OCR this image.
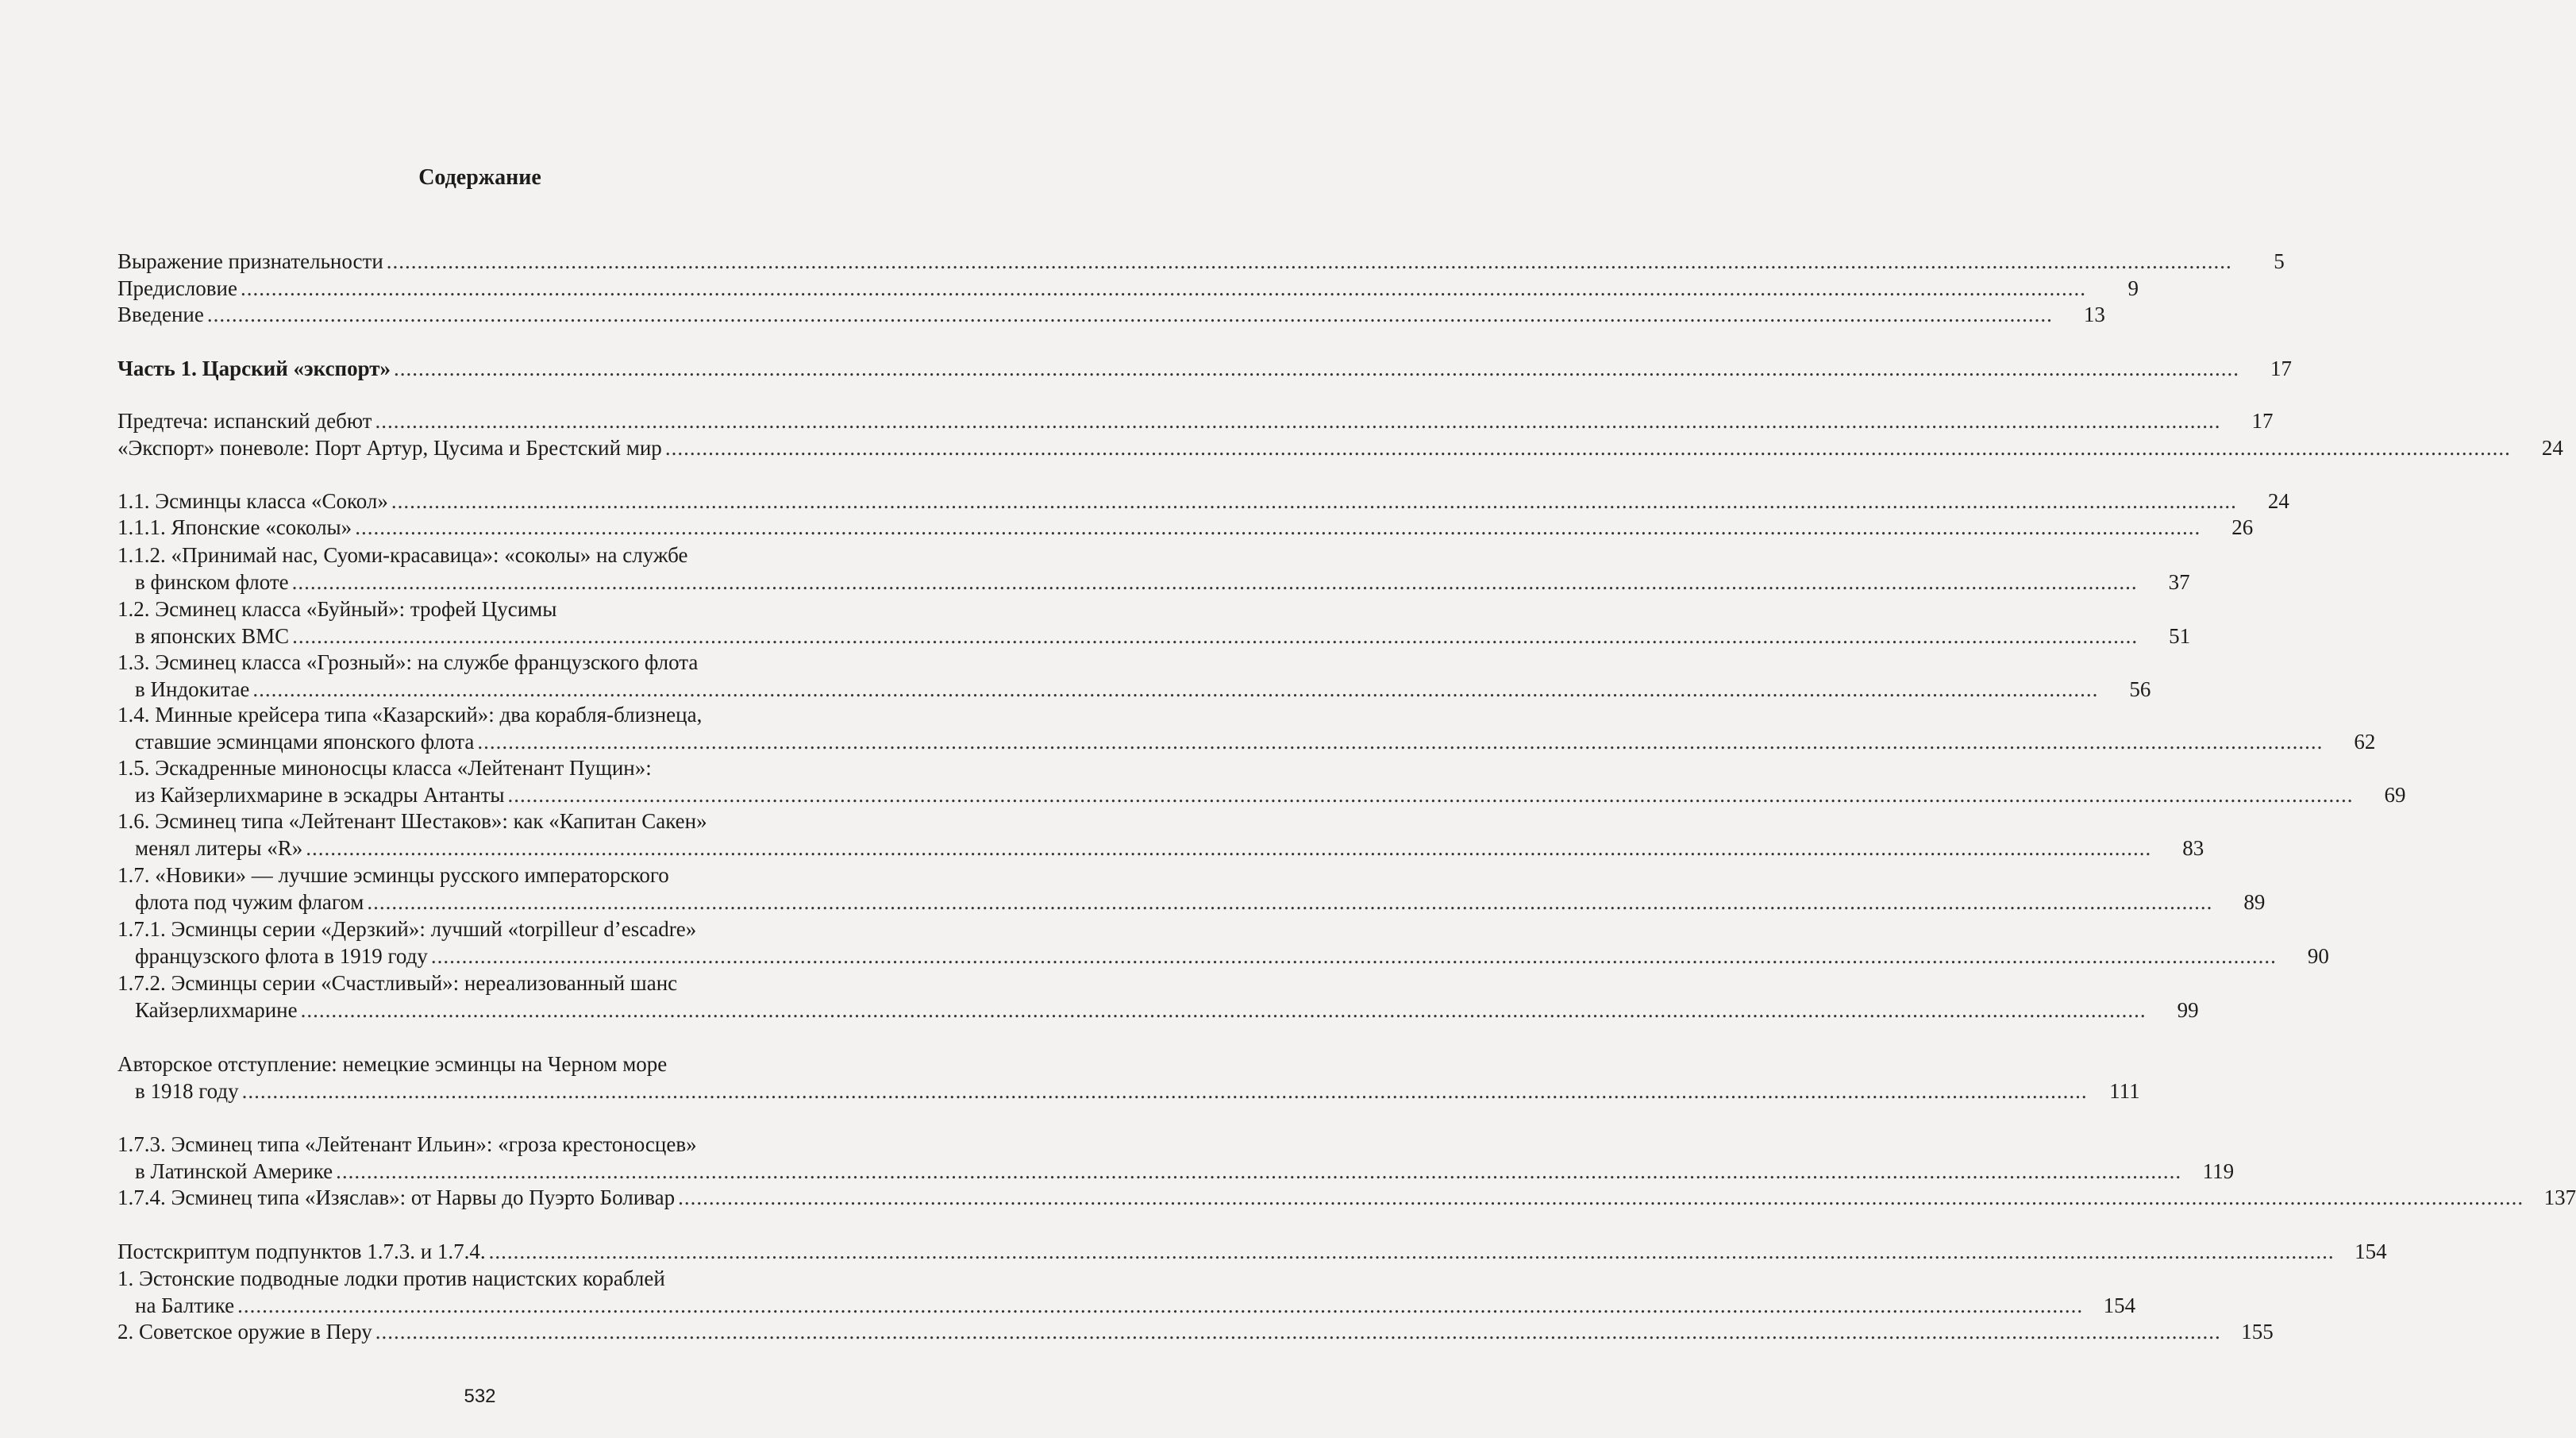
Содержание
Выражение признательности ............................................................................................................................................................................................................................................................................................................	5
Предисловие ............................................................................................................................................................................................................................................................................................................	9
Введение ............................................................................................................................................................................................................................................................................................................	13
Часть 1. Царский «экспорт» ............................................................................................................................................................................................................................................................................................................	17
Предтеча: испанский дебют ............................................................................................................................................................................................................................................................................................................	17
«Экспорт» поневоле: Порт Артур, Цусима и Брестский мир ............................................................................................................................................................................................................................................................................................................	24
1.1. Эсминцы класса «Сокол» ............................................................................................................................................................................................................................................................................................................	24
1.1.1. Японские «соколы» ............................................................................................................................................................................................................................................................................................................	26
1.1.2. «Принимай нас, Суоми-красавица»: «соколы» на службе
в финском флоте ............................................................................................................................................................................................................................................................................................................	37
1.2. Эсминец класса «Буйный»: трофей Цусимы
в японских ВМС ............................................................................................................................................................................................................................................................................................................	51
1.3. Эсминец класса «Грозный»: на службе французского флота
в Индокитае ............................................................................................................................................................................................................................................................................................................	56
1.4. Минные крейсера типа «Казарский»: два корабля-близнеца,
ставшие эсминцами японского флота ............................................................................................................................................................................................................................................................................................................	62
1.5. Эскадренные миноносцы класса «Лейтенант Пущин»:
из Кайзерлихмарине в эскадры Антанты ............................................................................................................................................................................................................................................................................................................	69
1.6. Эсминец типа «Лейтенант Шестаков»: как «Капитан Сакен»
менял литеры «R» ............................................................................................................................................................................................................................................................................................................	83
1.7. «Новики» — лучшие эсминцы русского императорского
флота под чужим флагом ............................................................................................................................................................................................................................................................................................................	89
1.7.1. Эсминцы серии «Дерзкий»: лучший «torpilleur d’escadre»
французского флота в 1919 году ............................................................................................................................................................................................................................................................................................................	90
1.7.2. Эсминцы серии «Счастливый»: нереализованный шанс
Кайзерлихмарине ............................................................................................................................................................................................................................................................................................................	99
Авторское отступление: немецкие эсминцы на Черном море
в 1918 году ............................................................................................................................................................................................................................................................................................................	111
1.7.3. Эсминец типа «Лейтенант Ильин»: «гроза крестоносцев»
в Латинской Америке ............................................................................................................................................................................................................................................................................................................ 119
1.7.4. Эсминец типа «Изяслав»: от Нарвы до Пуэрто Боливар ............................................................................................................................................................................................................................................................................................................ 137
Постскриптум подпунктов 1.7.3. и 1.7.4. ............................................................................................................................................................................................................................................................................................................ 154
1. Эстонские подводные лодки против нацистских кораблей
на Балтике ............................................................................................................................................................................................................................................................................................................ 154
2. Советское оружие в Перу ............................................................................................................................................................................................................................................................................................................ 155
532
